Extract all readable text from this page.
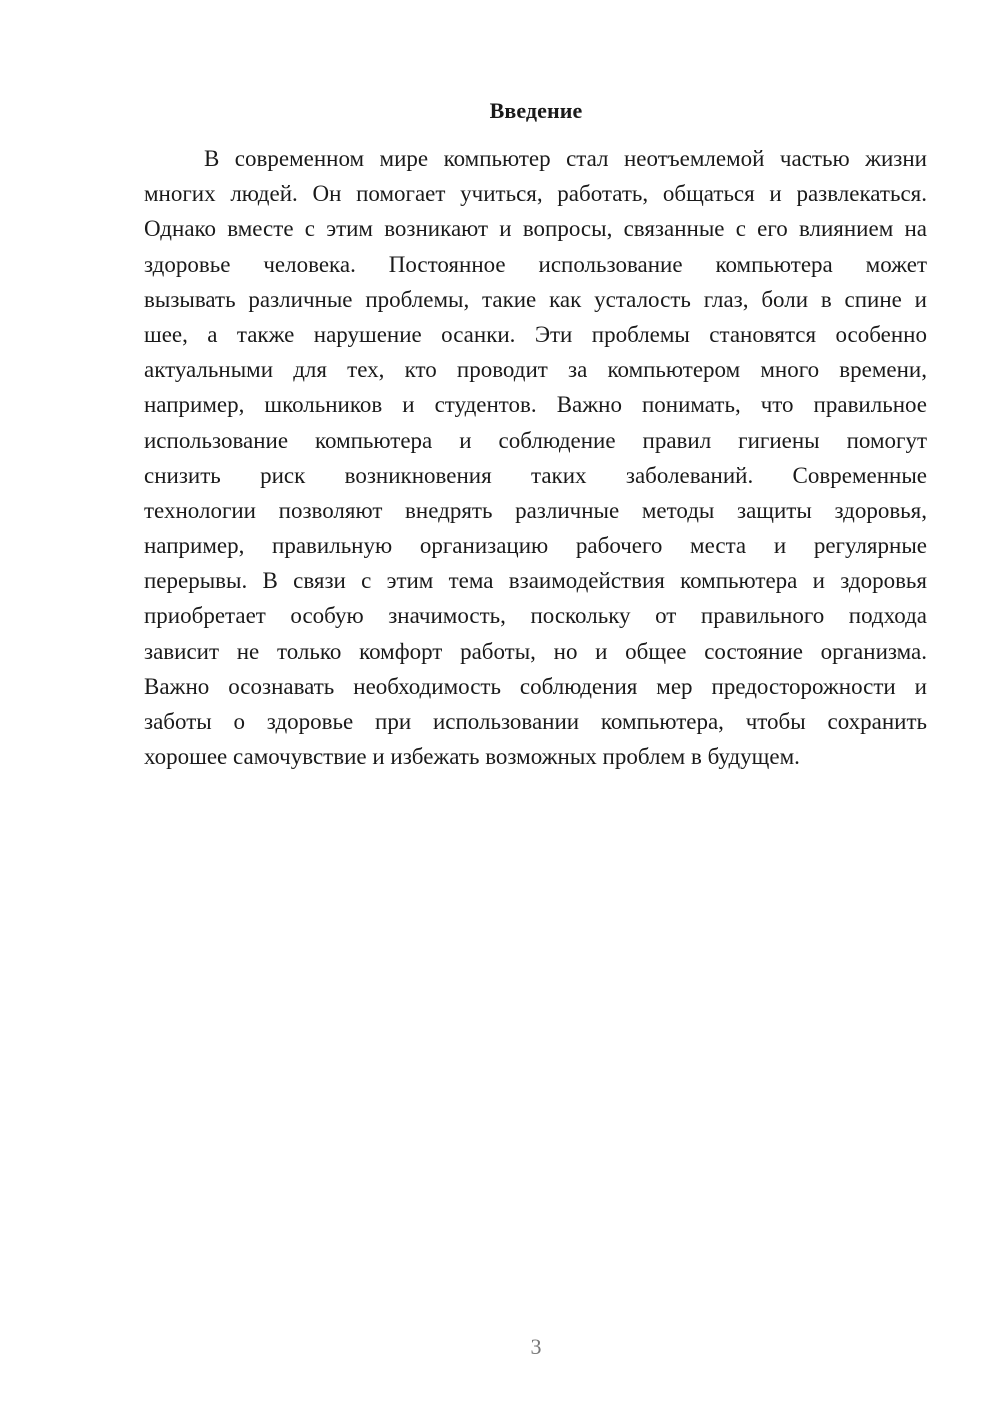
Введение
В современном мире компьютер стал неотъемлемой частью жизни
многих людей. Он помогает учиться, работать, общаться и развлекаться.
Однако вместе с этим возникают и вопросы, связанные с его влиянием на
здоровье человека. Постоянное использование компьютера может
вызывать различные проблемы, такие как усталость глаз, боли в спине и
шее, а также нарушение осанки. Эти проблемы становятся особенно
актуальными для тех, кто проводит за компьютером много времени,
например, школьников и студентов. Важно понимать, что правильное
использование компьютера и соблюдение правил гигиены помогут
снизить риск возникновения таких заболеваний. Современные
технологии позволяют внедрять различные методы защиты здоровья,
например, правильную организацию рабочего места и регулярные
перерывы. В связи с этим тема взаимодействия компьютера и здоровья
приобретает особую значимость, поскольку от правильного подхода
зависит не только комфорт работы, но и общее состояние организма.
Важно осознавать необходимость соблюдения мер предосторожности и
заботы о здоровье при использовании компьютера, чтобы сохранить
хорошее самочувствие и избежать возможных проблем в будущем.
3
